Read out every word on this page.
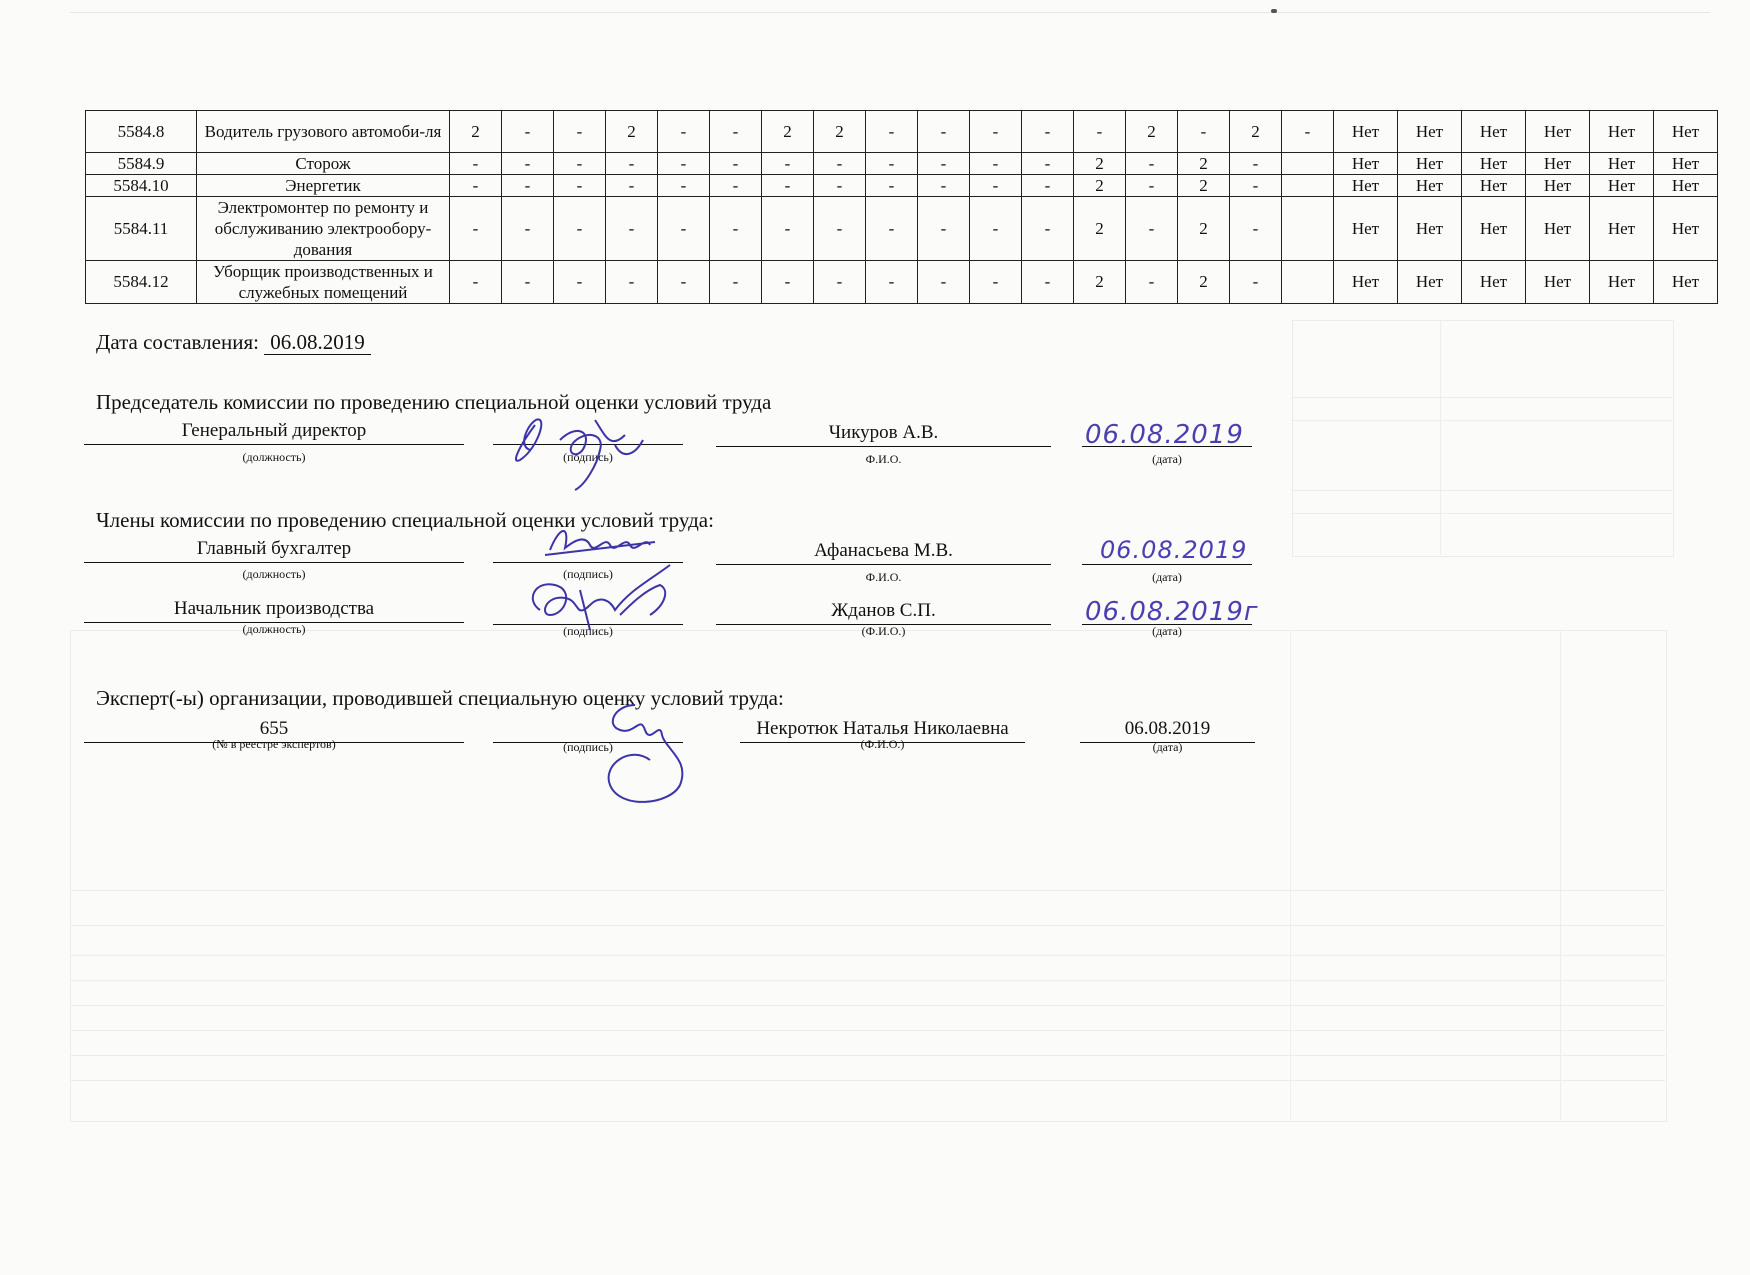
5584.8	Водитель грузового автомоби-ля	2	-	-	2	-	-	2	2	-	-	-	-	-	2	-	2	-	Нет	Нет	Нет	Нет	Нет	Нет
5584.9	Сторож	-	-	-	-	-	-	-	-	-	-	-	-	2	-	2	-		Нет	Нет	Нет	Нет	Нет	Нет
5584.10	Энергетик	-	-	-	-	-	-	-	-	-	-	-	-	2	-	2	-		Нет	Нет	Нет	Нет	Нет	Нет
5584.11	Электромонтер по ремонту и обслуживанию электрообору-дования	-	-	-	-	-	-	-	-	-	-	-	-	2	-	2	-		Нет	Нет	Нет	Нет	Нет	Нет
5584.12	Уборщик производственных и служебных помещений	-	-	-	-	-	-	-	-	-	-	-	-	2	-	2	-		Нет	Нет	Нет	Нет	Нет	Нет
Дата составления: 06.08.2019
Председатель комиссии по проведению специальной оценки условий труда
Генеральный директор
(должность)	(подпись)
Чикуров А.В.
Ф.И.О.
06.08.2019
(дата)
Члены комиссии по проведению специальной оценки условий труда:
Главный бухгалтер
(должность)	(подпись)
Афанасьева М.В.
Ф.И.О.
06.08.2019
(дата)
Начальник производства
(должность)	(подпись)
Жданов С.П.
(Ф.И.О.)
06.08.2019г
(дата)
Эксперт(-ы) организации, проводившей специальную оценку условий труда:
655
(№ в реестре экспертов)	(подпись)
Некротюк Наталья Николаевна
(Ф.И.О.)
06.08.2019
(дата)
